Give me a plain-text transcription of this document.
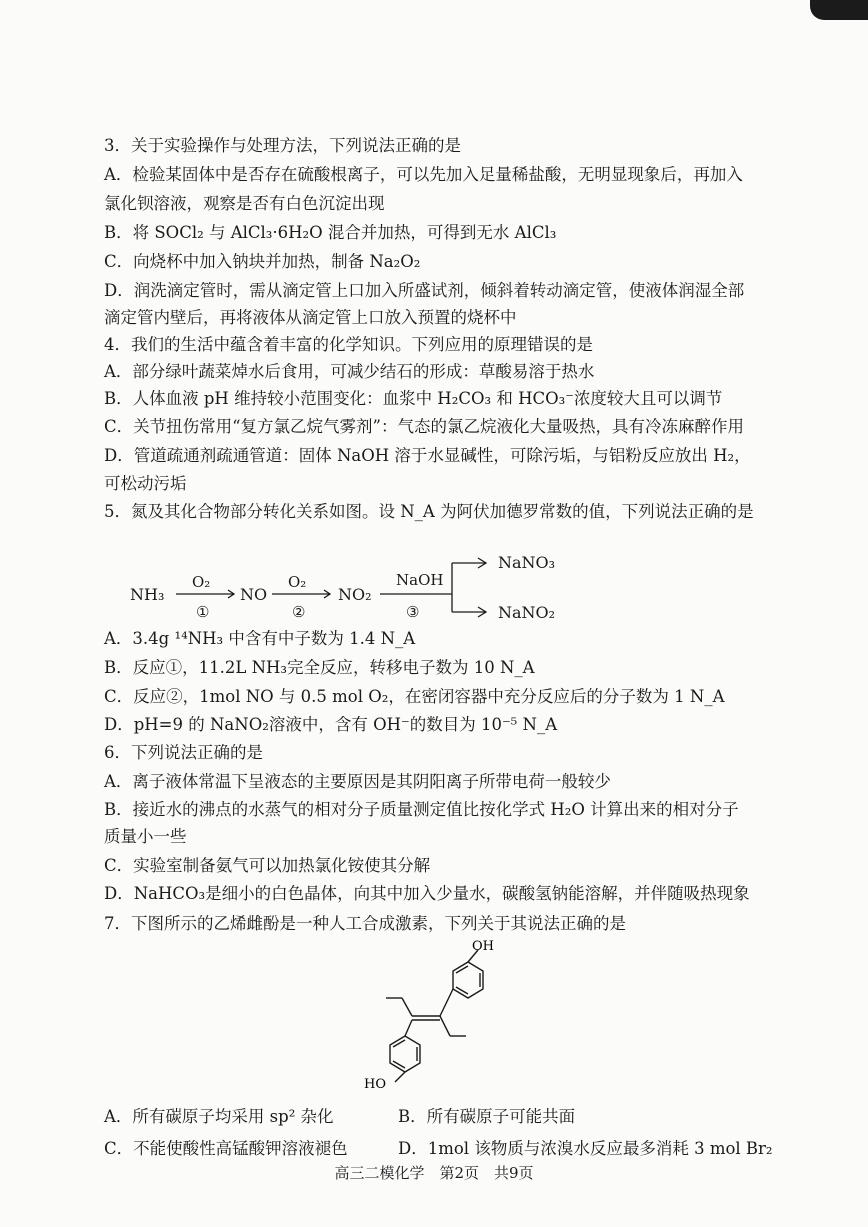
3．关于实验操作与处理方法，下列说法正确的是
A．检验某固体中是否存在硫酸根离子，可以先加入足量稀盐酸，无明显现象后，再加入
氯化钡溶液，观察是否有白色沉淀出现
B．将 SOCl₂ 与 AlCl₃·6H₂O 混合并加热，可得到无水 AlCl₃
C．向烧杯中加入钠块并加热，制备 Na₂O₂
D．润洗滴定管时，需从滴定管上口加入所盛试剂，倾斜着转动滴定管，使液体润湿全部
滴定管内壁后，再将液体从滴定管上口放入预置的烧杯中
4．我们的生活中蕴含着丰富的化学知识。下列应用的原理错误的是
A．部分绿叶蔬菜焯水后食用，可减少结石的形成：草酸易溶于热水
B．人体血液 pH 维持较小范围变化：血浆中 H₂CO₃ 和 HCO₃⁻浓度较大且可以调节
C．关节扭伤常用“复方氯乙烷气雾剂”：气态的氯乙烷液化大量吸热，具有冷冻麻醉作用
D．管道疏通剂疏通管道：固体 NaOH 溶于水显碱性，可除污垢，与铝粉反应放出 H₂，
可松动污垢
5．氮及其化合物部分转化关系如图。设 N_A 为阿伏加德罗常数的值，下列说法正确的是
NH₃
O₂
①
NO
O₂
②
NO₂
NaOH
③
NaNO₃
NaNO₂
A．3.4g ¹⁴NH₃ 中含有中子数为 1.4 N_A
B．反应①，11.2L NH₃完全反应，转移电子数为 10 N_A
C．反应②，1mol NO 与 0.5 mol O₂，在密闭容器中充分反应后的分子数为 1 N_A
D．pH=9 的 NaNO₂溶液中，含有 OH⁻的数目为 10⁻⁵ N_A
6．下列说法正确的是
A．离子液体常温下呈液态的主要原因是其阴阳离子所带电荷一般较少
B．接近水的沸点的水蒸气的相对分子质量测定值比按化学式 H₂O 计算出来的相对分子
质量小一些
C．实验室制备氨气可以加热氯化铵使其分解
D．NaHCO₃是细小的白色晶体，向其中加入少量水，碳酸氢钠能溶解，并伴随吸热现象
7．下图所示的乙烯雌酚是一种人工合成激素，下列关于其说法正确的是
OH
HO
A．所有碳原子均采用 sp² 杂化	B．所有碳原子可能共面
C．不能使酸性高锰酸钾溶液褪色	D．1mol 该物质与浓溴水反应最多消耗 3 mol Br₂
高三二模化学　第2页　共9页
